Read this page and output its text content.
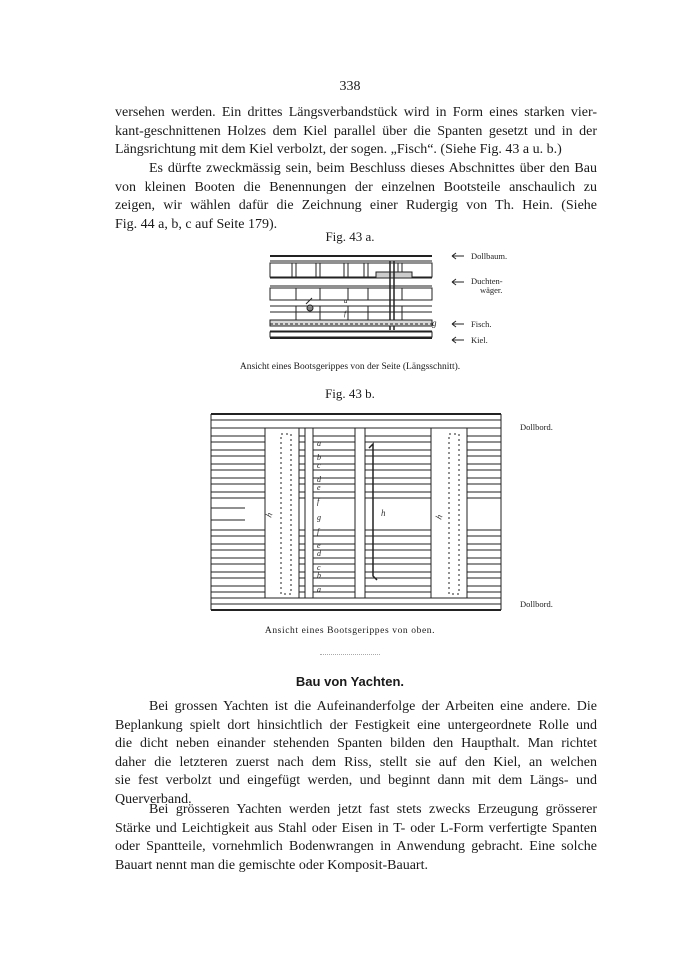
338

versehen werden. Ein drittes Längsverbandstück wird in Form eines starken vier-
kant-geschnittenen Holzes dem Kiel parallel über die Spanten gesetzt und in der
Längsrichtung mit dem Kiel verbolzt, der sogen. „Fisch“. (Siehe Fig. 43 a u. b.)

Es dürfte zweckmässig sein, beim Beschluss dieses Abschnittes über den Bau
von kleinen Booten die Benennungen der einzelnen Bootsteile anschaulich zu
zeigen, wir wählen dafür die Zeichnung einer Rudergig von Th. Hein. (Siehe
Fig. 44 a, b, c auf Seite 179).

Fig. 43 a.
Dollbaum.
Duchten-
wäger.
Fisch.
Kiel.
a
f
g
Ansicht eines Bootsgerippes von der Seite (Längsschnitt).
Fig. 43 b.
Dollbord.
Dollbord.
a
b
c
d
e
f
g
f
e
d
c
b
a
h	h	h
Ansicht eines Bootsgerippes von oben.
Bau von Yachten.

Bei grossen Yachten ist die Aufeinanderfolge der Arbeiten eine andere. Die
Beplankung spielt dort hinsichtlich der Festigkeit eine untergeordnete Rolle und
die dicht neben einander stehenden Spanten bilden den Haupthalt. Man richtet
daher die letzteren zuerst nach dem Riss, stellt sie auf den Kiel, an welchen
sie fest verbolzt und eingefügt werden, und beginnt dann mit dem Längs- und
Querverband.

Bei grösseren Yachten werden jetzt fast stets zwecks Erzeugung grösserer
Stärke und Leichtigkeit aus Stahl oder Eisen in T- oder L-Form verfertigte Spanten
oder Spantteile, vornehmlich Bodenwrangen in Anwendung gebracht. Eine solche
Bauart nennt man die gemischte oder Komposit-Bauart.
